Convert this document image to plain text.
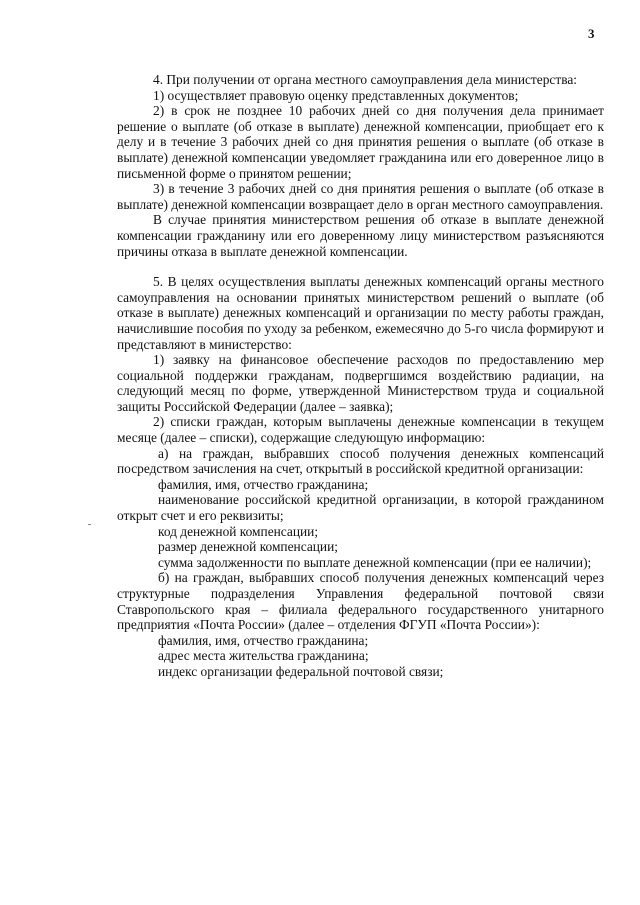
3

4. При получении от органа местного самоуправления дела министерства:

1) осуществляет правовую оценку представленных документов;

2) в срок не позднее 10 рабочих дней со дня получения дела принимает решение о выплате (об отказе в выплате) денежной компенсации, приобщает его к делу и в течение 3 рабочих дней со дня принятия решения о выплате (об отказе в выплате) денежной компенсации уведомляет гражданина или его доверенное лицо в письменной форме о принятом решении;

3) в течение 3 рабочих дней со дня принятия решения о выплате (об отказе в выплате) денежной компенсации возвращает дело в орган местного самоуправления.

В случае принятия министерством решения об отказе в выплате денежной компенсации гражданину или его доверенному лицу министерством разъясняются причины отказа в выплате денежной компенсации.

5. В целях осуществления выплаты денежных компенсаций органы местного самоуправления на основании принятых министерством решений о выплате (об отказе в выплате) денежных компенсаций и организации по месту работы граждан, начислившие пособия по уходу за ребенком, ежемесячно до 5-го числа формируют и представляют в министерство:

1) заявку на финансовое обеспечение расходов по предоставлению мер социальной поддержки гражданам, подвергшимся воздействию радиации, на следующий месяц по форме, утвержденной Министерством труда и социальной защиты Российской Федерации (далее – заявка);

2) списки граждан, которым выплачены денежные компенсации в текущем месяце (далее – списки), содержащие следующую информацию:

а) на граждан, выбравших способ получения денежных компенсаций посредством зачисления на счет, открытый в российской кредитной организации:

фамилия, имя, отчество гражданина;

наименование российской кредитной организации, в которой гражданином открыт счет и его реквизиты;

код денежной компенсации;

размер денежной компенсации;

сумма задолженности по выплате денежной компенсации (при ее наличии);

б) на граждан, выбравших способ получения денежных компенсаций через структурные подразделения Управления федеральной почтовой связи Ставропольского края – филиала федерального государственного унитарного предприятия «Почта России» (далее – отделения ФГУП «Почта России»):

фамилия, имя, отчество гражданина;

адрес места жительства гражданина;

индекс организации федеральной почтовой связи;
